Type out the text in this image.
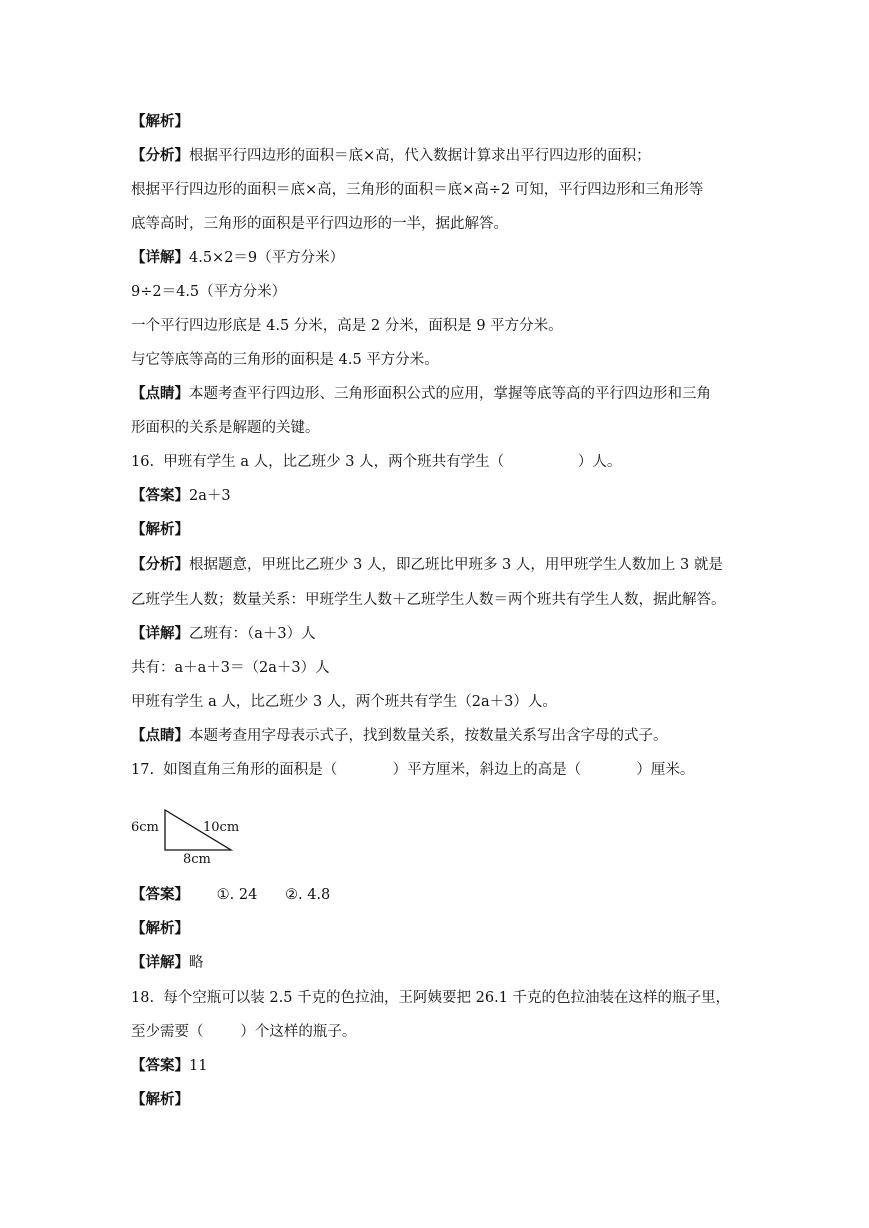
【解析】
【分析】根据平行四边形的面积＝底×高，代入数据计算求出平行四边形的面积；
根据平行四边形的面积＝底×高，三角形的面积＝底×高÷2 可知，平行四边形和三角形等
底等高时，三角形的面积是平行四边形的一半，据此解答。
【详解】4.5×2＝9（平方分米）
9÷2＝4.5（平方分米）
一个平行四边形底是 4.5 分米，高是 2 分米，面积是 9 平方分米。
与它等底等高的三角形的面积是 4.5 平方分米。
【点睛】本题考查平行四边形、三角形面积公式的应用，掌握等底等高的平行四边形和三角
形面积的关系是解题的关键。
16.  甲班有学生 a 人，比乙班少 3 人，两个班共有学生（                ）人。
【答案】2a＋3
【解析】
【分析】根据题意，甲班比乙班少 3 人，即乙班比甲班多 3 人，用甲班学生人数加上 3 就是
乙班学生人数；数量关系：甲班学生人数＋乙班学生人数＝两个班共有学生人数，据此解答。
【详解】乙班有：（a＋3）人
共有：a＋a＋3＝（2a＋3）人
甲班有学生 a 人，比乙班少 3 人，两个班共有学生（2a＋3）人。
【点睛】本题考查用字母表示式子，找到数量关系，按数量关系写出含字母的式子。
17.  如图直角三角形的面积是（            ）平方厘米，斜边上的高是（            ）厘米。
6cm	10cm
8cm
【答案】      ①. 24      ②. 4.8
【解析】
【详解】略
18.  每个空瓶可以装 2.5 千克的色拉油，王阿姨要把 26.1 千克的色拉油装在这样的瓶子里，
至少需要（        ）个这样的瓶子。
【答案】11
【解析】
